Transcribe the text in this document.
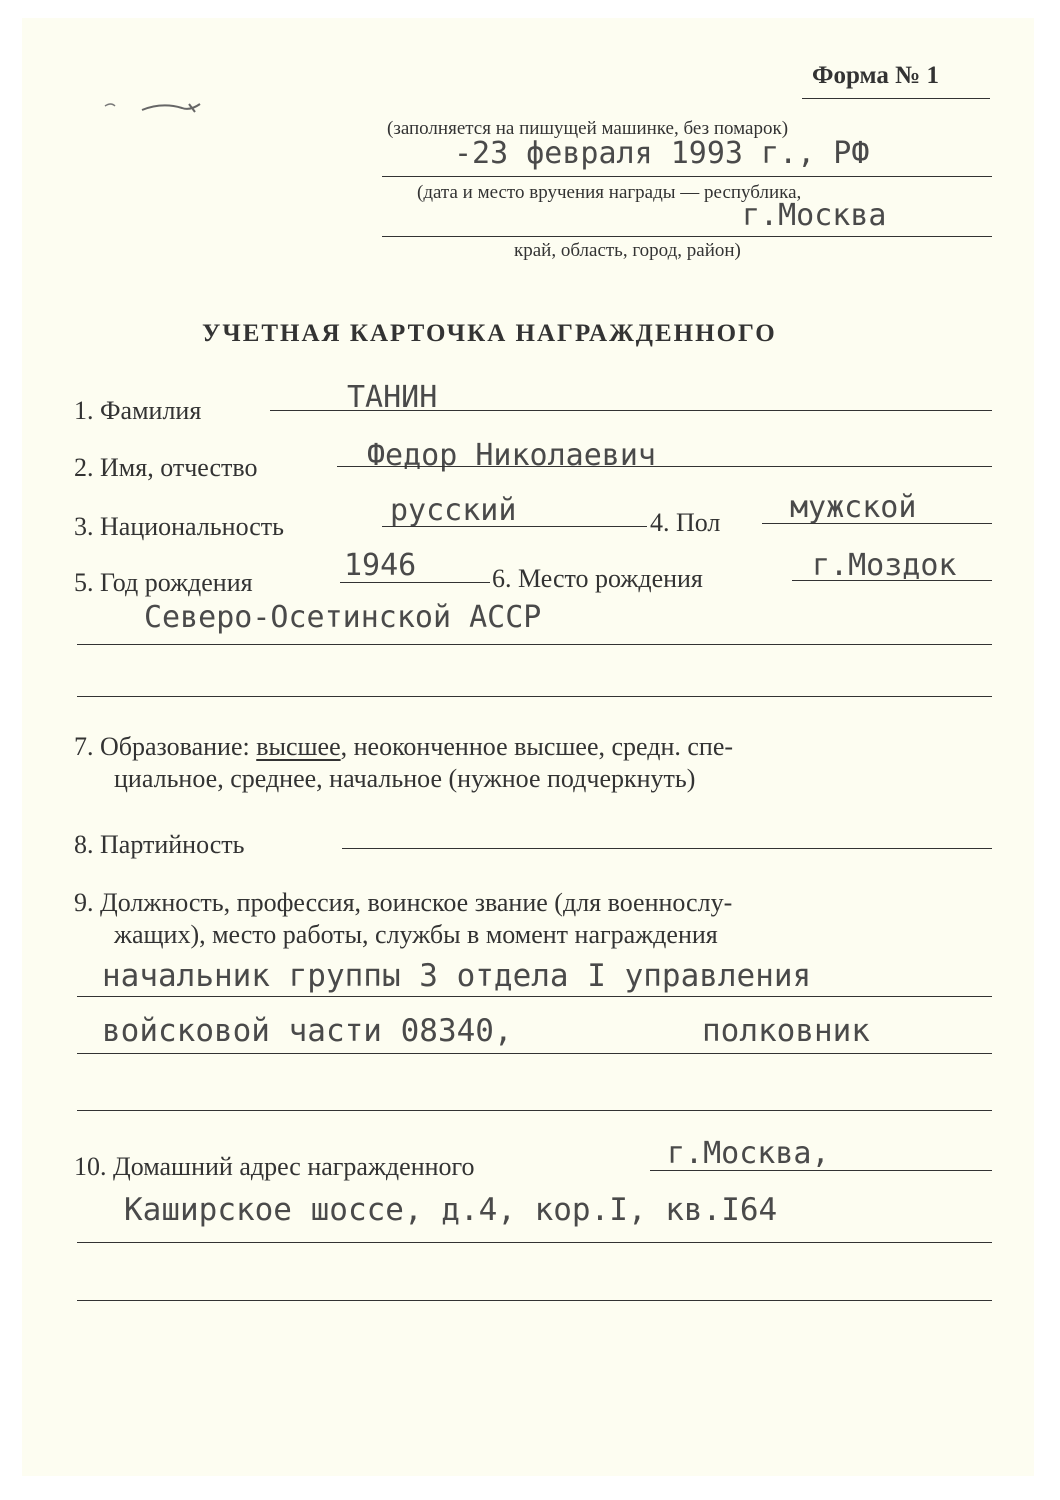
Форма № 1
(заполняется на пишущей машинке, без помарок)
-23 февраля 1993 г., РФ
(дата и место вручения награды — республика,
г.Москва
край, область, город, район)
УЧЕТНАЯ КАРТОЧКА НАГРАЖДЕННОГО
1. Фамилия	ТАНИН
2. Имя, отчество	Федор Николаевич
3. Национальность	русский	4. Пол мужской
5. Год рождения	1946	6. Место рождения	г.Моздок
Северо-Осетинской АССР
7. Образование: высшее, неоконченное высшее, средн. спе-
циальное, среднее, начальное (нужное подчеркнуть)
8. Партийность
9. Должность, профессия, воинское звание (для военнослу-
жащих), место работы, службы в момент награждения
начальник группы 3 отдела I управления
войсковой части 08340,	полковник
10. Домашний адрес награжденного	г.Москва,
Каширское шоссе, д.4, кор.I, кв.I64
